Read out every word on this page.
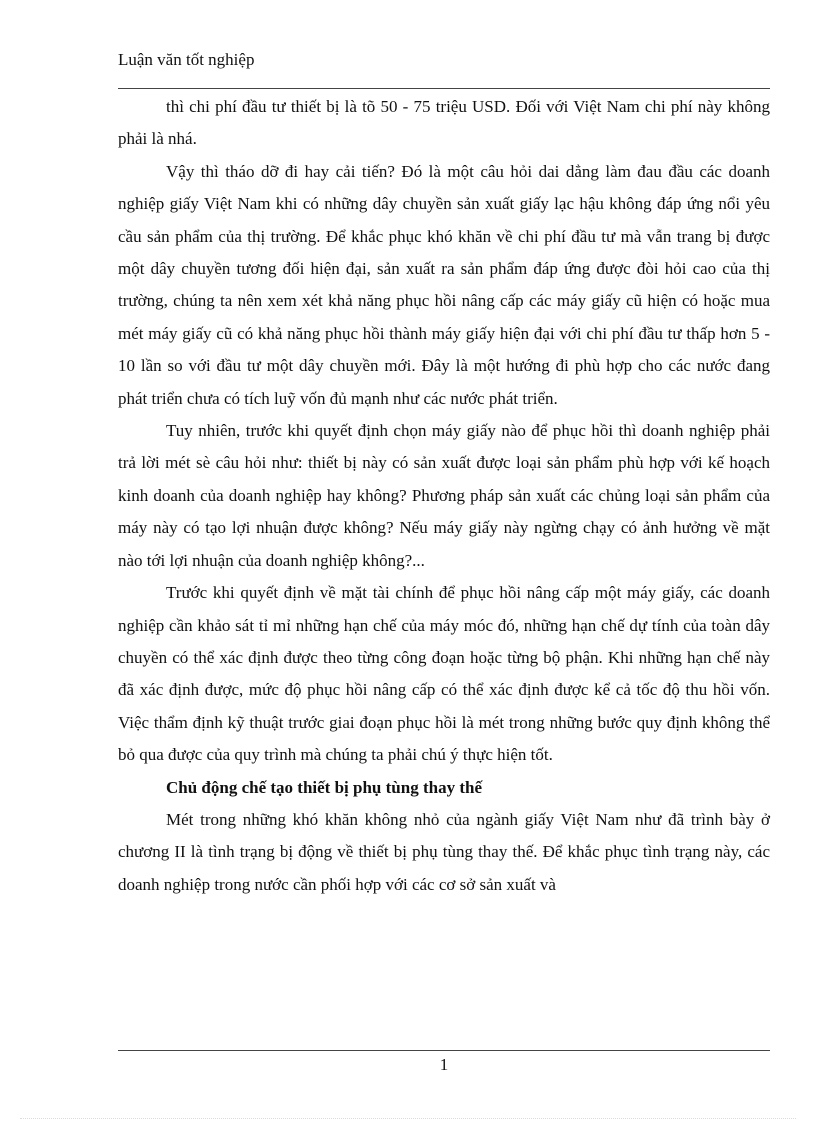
Luận văn tốt nghiệp

thì chi phí đầu tư thiết bị là tõ 50 - 75 triệu USD. Đối với Việt Nam chi phí này không phải là nhá.

Vậy thì tháo dỡ đi hay cải tiến? Đó là một câu hỏi dai dẳng làm đau đầu các doanh nghiệp giấy Việt Nam khi có những dây chuyền sản xuất giấy lạc hậu không đáp ứng nổi yêu cầu sản phẩm của thị trường. Để khắc phục khó khăn về chi phí đầu tư mà vẫn trang bị được một dây chuyền tương đối hiện đại, sản xuất ra sản phẩm đáp ứng được đòi hỏi cao của thị trường, chúng ta nên xem xét khả năng phục hồi nâng cấp các máy giấy cũ hiện có hoặc mua mét máy giấy cũ có khả năng phục hồi thành máy giấy hiện đại với chi phí đầu tư thấp hơn 5 - 10 lần so với đầu tư một dây chuyền mới. Đây là một hướng đi phù hợp cho các nước đang phát triển chưa có tích luỹ vốn đủ mạnh như các nước phát triển.

Tuy nhiên, trước khi quyết định chọn máy giấy nào để phục hồi thì doanh nghiệp phải trả lời mét sè câu hỏi như: thiết bị này có sản xuất được loại sản phẩm phù hợp với kế hoạch kinh doanh của doanh nghiệp hay không? Phương pháp sản xuất các chủng loại sản phẩm của máy này có tạo lợi nhuận được không? Nếu máy giấy này ngừng chạy có ảnh hưởng về mặt nào tới lợi nhuận của doanh nghiệp không?...

Trước khi quyết định về mặt tài chính để phục hồi nâng cấp một máy giấy, các doanh nghiệp cần khảo sát tỉ mỉ những hạn chế của máy móc đó, những hạn chế dự tính của toàn dây chuyền có thể xác định được theo từng công đoạn hoặc từng bộ phận. Khi những hạn chế này đã xác định được, mức độ phục hồi nâng cấp có thể xác định được kể cả tốc độ thu hồi vốn. Việc thẩm định kỹ thuật trước giai đoạn phục hồi là mét trong những bước quy định không thể bỏ qua được của quy trình mà chúng ta phải chú ý thực hiện tốt.

Chủ động chế tạo thiết bị phụ tùng thay thế

Mét trong những khó khăn không nhỏ của ngành giấy Việt Nam như đã trình bày ở chương II là tình trạng bị động về thiết bị phụ tùng thay thế. Để khắc phục tình trạng này, các doanh nghiệp trong nước cần phối hợp với các cơ sở sản xuất và

1
